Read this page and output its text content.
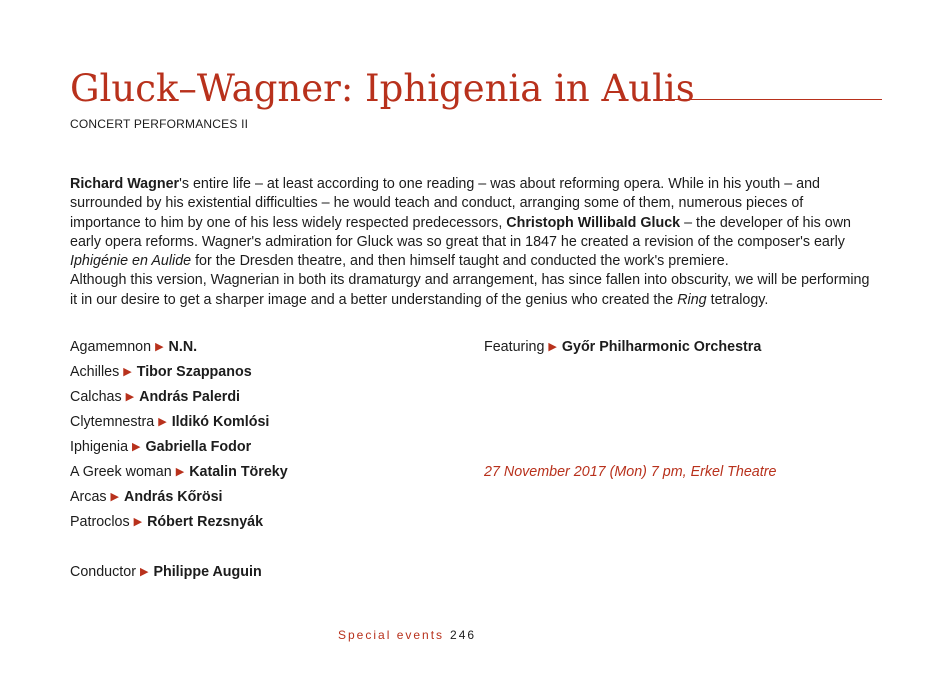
Gluck–Wagner: Iphigenia in Aulis
CONCERT PERFORMANCES II
Richard Wagner's entire life – at least according to one reading – was about reforming opera. While in his youth – and surrounded by his existential difficulties – he would teach and conduct, arranging some of them, numerous pieces of importance to him by one of his less widely respected predecessors, Christoph Willibald Gluck – the developer of his own early opera reforms. Wagner's admiration for Gluck was so great that in 1847 he created a revision of the composer's early Iphigénie en Aulide for the Dresden theatre, and then himself taught and conducted the work's premiere.
Although this version, Wagnerian in both its dramaturgy and arrangement, has since fallen into obscurity, we will be performing it in our desire to get a sharper image and a better understanding of the genius who created the Ring tetralogy.
Agamemnon ▶ N.N.
Achilles ▶ Tibor Szappanos
Calchas ▶ András Palerdi
Clytemnestra ▶ Ildikó Komlósi
Iphigenia ▶ Gabriella Fodor
A Greek woman ▶ Katalin Töreky
Arcas ▶ András Kőrösi
Patroclos ▶ Róbert Rezsnyák
Conductor ▶ Philippe Auguin
Featuring ▶ Győr Philharmonic Orchestra
27 November 2017 (Mon) 7 pm, Erkel Theatre
Special events 246
